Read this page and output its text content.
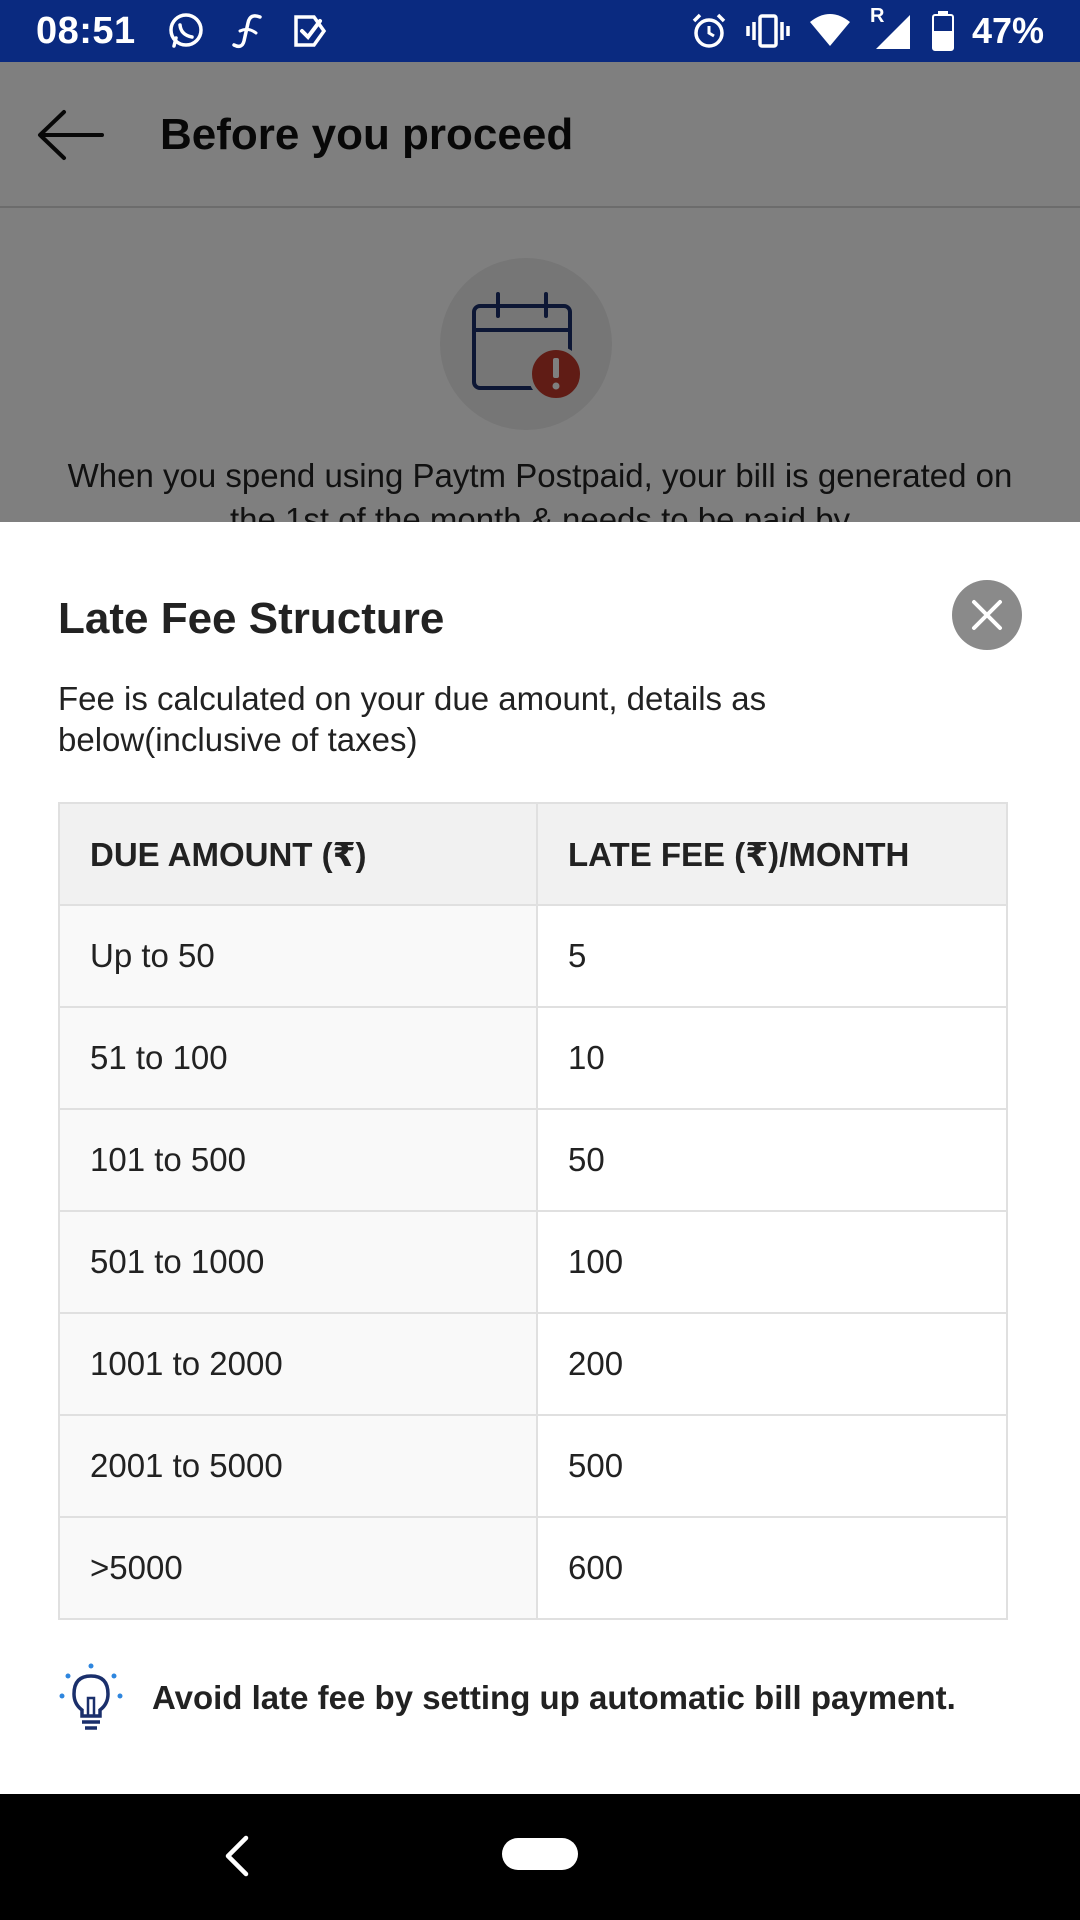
08:51	R 47%
Late Fee Structure
Fee is calculated on your due amount, details as below(inclusive of taxes)
DUE AMOUNT (₹)	LATE FEE (₹)/MONTH
Up to 50	5
51 to 100	10
101 to 500	50
501 to 1000	100
1001 to 2000	200
2001 to 5000	500
>5000	600
Avoid late fee by setting up automatic bill payment.
